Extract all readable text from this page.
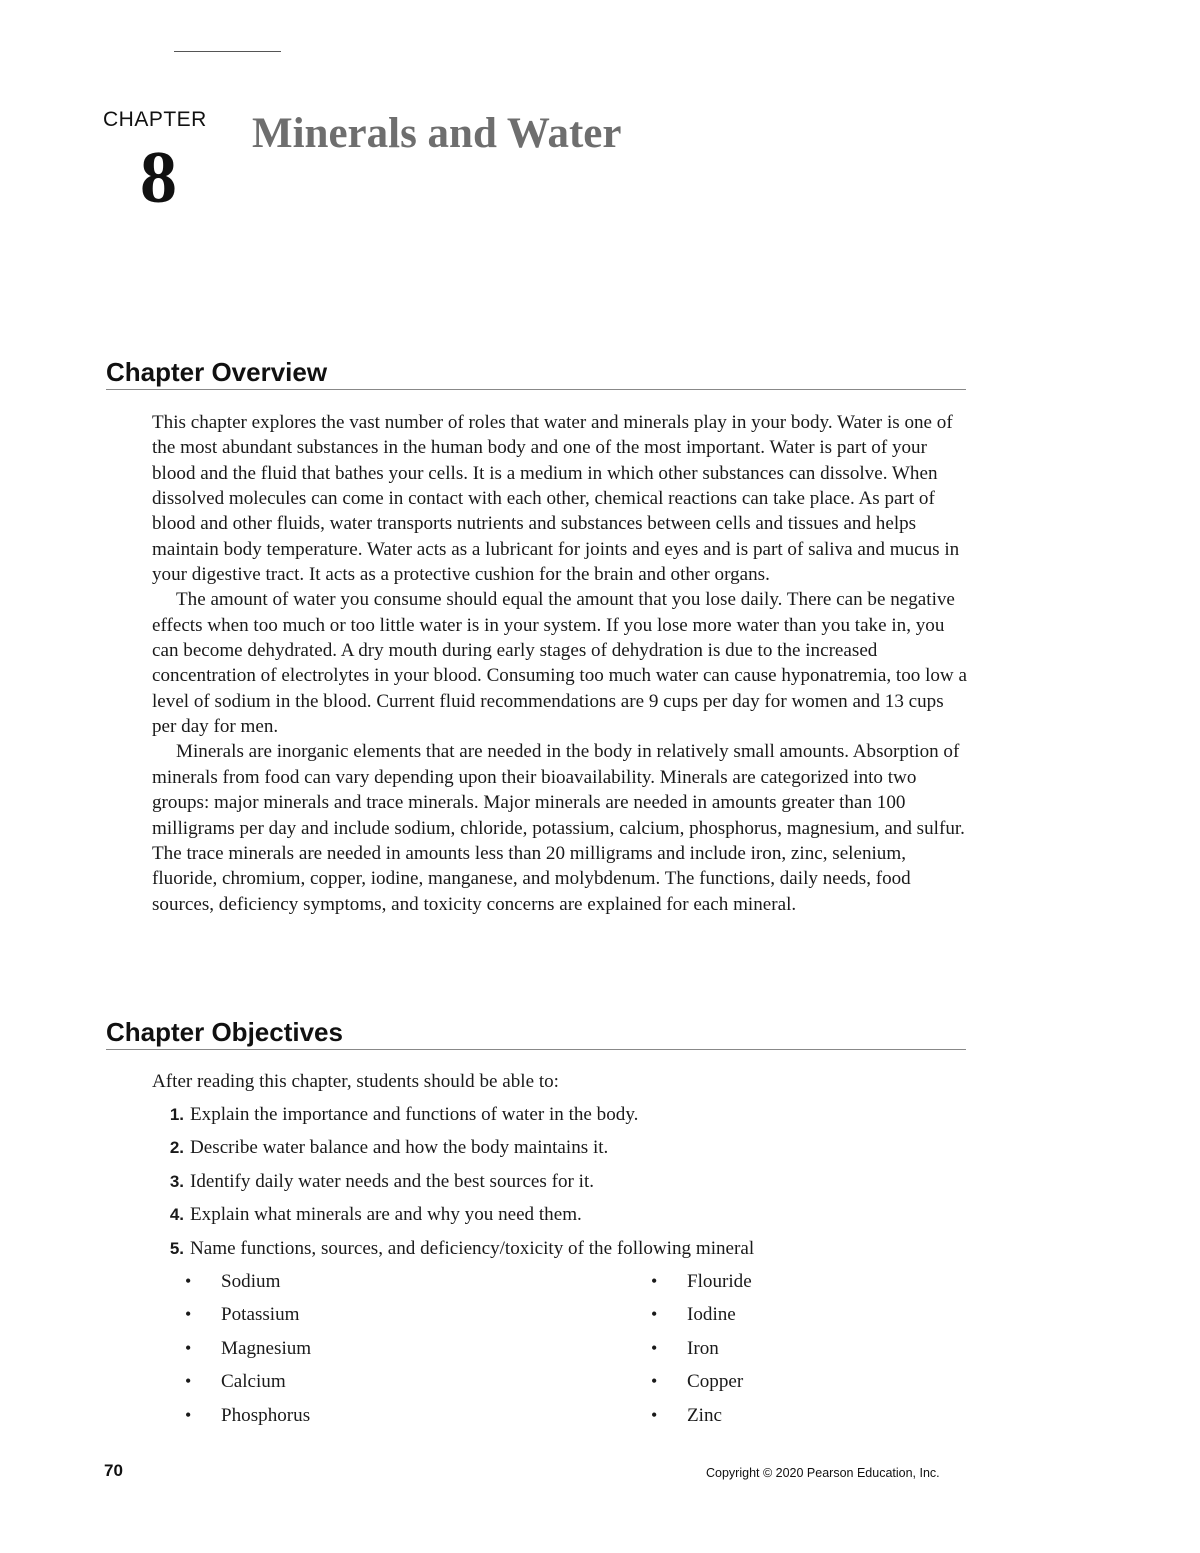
CHAPTER
8
Minerals and Water
Chapter Overview

This chapter explores the vast number of roles that water and minerals play in your body. Water is one of the most abundant substances in the human body and one of the most important. Water is part of your blood and the fluid that bathes your cells. It is a medium in which other substances can dissolve. When dissolved molecules can come in contact with each other, chemical reactions can take place. As part of blood and other fluids, water transports nutrients and substances between cells and tissues and helps maintain body temperature. Water acts as a lubricant for joints and eyes and is part of saliva and mucus in your digestive tract. It acts as a protective cushion for the brain and other organs.

The amount of water you consume should equal the amount that you lose daily. There can be negative effects when too much or too little water is in your system. If you lose more water than you take in, you can become dehydrated. A dry mouth during early stages of dehydration is due to the increased concentration of electrolytes in your blood. Consuming too much water can cause hyponatremia, too low a level of sodium in the blood. Current fluid recommendations are 9 cups per day for women and 13 cups per day for men.

Minerals are inorganic elements that are needed in the body in relatively small amounts. Absorption of minerals from food can vary depending upon their bioavailability. Minerals are categorized into two groups: major minerals and trace minerals. Major minerals are needed in amounts greater than 100 milligrams per day and include sodium, chloride, potassium, calcium, phosphorus, magnesium, and sulfur. The trace minerals are needed in amounts less than 20 milligrams and include iron, zinc, selenium, fluoride, chromium, copper, iodine, manganese, and molybdenum. The functions, daily needs, food sources, deficiency symptoms, and toxicity concerns are explained for each mineral.

Chapter Objectives

After reading this chapter, students should be able to:

1. Explain the importance and functions of water in the body.
2. Describe water balance and how the body maintains it.
3. Identify daily water needs and the best sources for it.
4. Explain what minerals are and why you need them.
5. Name functions, sources, and deficiency/toxicity of the following mineral
• Sodium
• Potassium
• Magnesium
• Calcium
• Phosphorus
• Flouride
• Iodine
• Iron
• Copper
• Zinc
70	Copyright © 2020 Pearson Education, Inc.
